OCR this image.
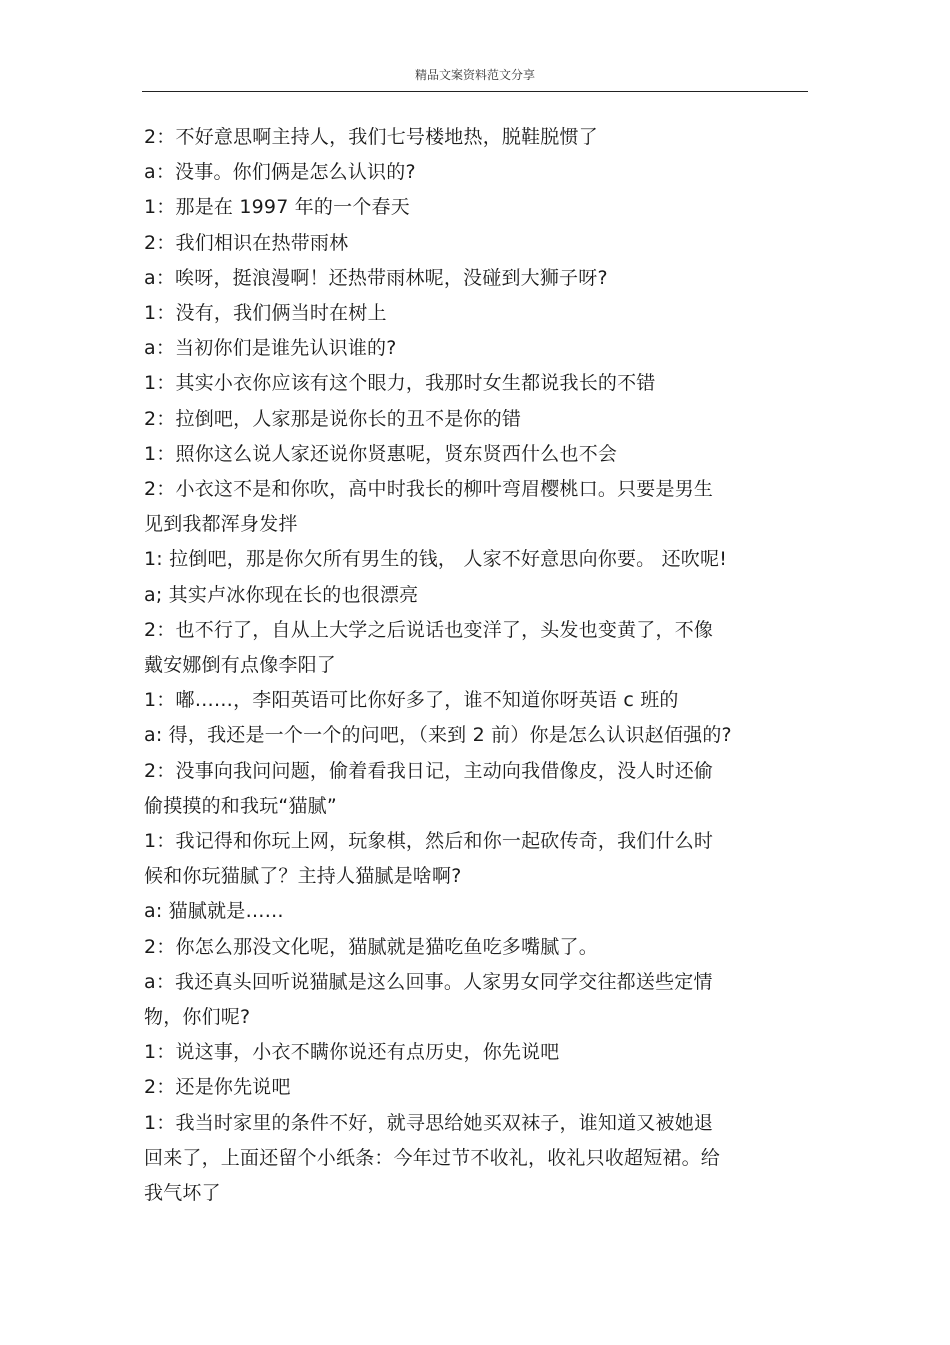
精品文案资料范文分享
2：不好意思啊主持人，我们七号楼地热，脱鞋脱惯了
a：没事。你们俩是怎么认识的?
1：那是在 1997 年的一个春天
2：我们相识在热带雨林
a：唉呀，挺浪漫啊！还热带雨林呢，没碰到大狮子呀?
1：没有，我们俩当时在树上
a：当初你们是谁先认识谁的?
1：其实小衣你应该有这个眼力，我那时女生都说我长的不错
2：拉倒吧，人家那是说你长的丑不是你的错
1：照你这么说人家还说你贤惠呢，贤东贤西什么也不会
2：小衣这不是和你吹，高中时我长的柳叶弯眉樱桃口。只要是男生
见到我都浑身发拌
1: 拉倒吧，那是你欠所有男生的钱， 人家不好意思向你要。 还吹呢!
a; 其实卢冰你现在长的也很漂亮
2：也不行了，自从上大学之后说话也变洋了，头发也变黄了，不像
戴安娜倒有点像李阳了
1：嘟……，李阳英语可比你好多了，谁不知道你呀英语 c 班的
a: 得，我还是一个一个的问吧，（来到 2 前）你是怎么认识赵佰强的?
2：没事向我问问题，偷着看我日记，主动向我借像皮，没人时还偷
偷摸摸的和我玩“猫腻”
1：我记得和你玩上网，玩象棋，然后和你一起砍传奇，我们什么时
候和你玩猫腻了？主持人猫腻是啥啊?
a: 猫腻就是……
2：你怎么那没文化呢，猫腻就是猫吃鱼吃多嘴腻了。
a：我还真头回听说猫腻是这么回事。人家男女同学交往都送些定情
物，你们呢?
1：说这事，小衣不瞒你说还有点历史，你先说吧
2：还是你先说吧
1：我当时家里的条件不好，就寻思给她买双袜子，谁知道又被她退
回来了，上面还留个小纸条：今年过节不收礼，收礼只收超短裙。给
我气坏了
